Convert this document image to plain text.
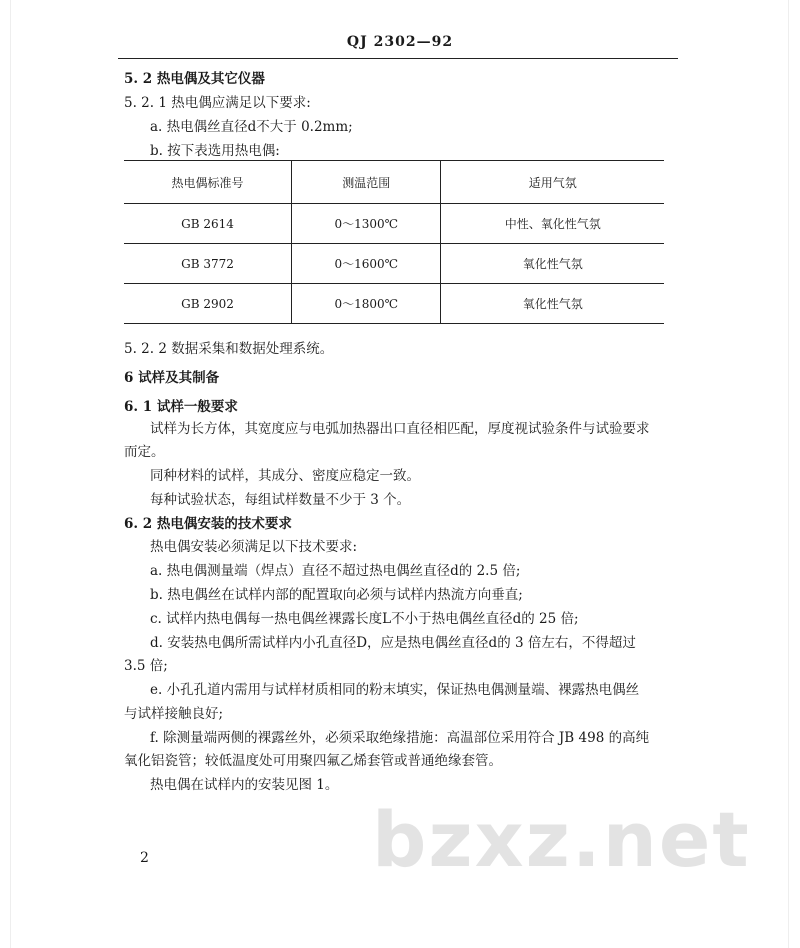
QJ 2302—92
5. 2 热电偶及其它仪器
5. 2. 1 热电偶应满足以下要求:
a. 热电偶丝直径d不大于 0.2mm;
b. 按下表选用热电偶:
热电偶标准号	测温范围	适用气氛
GB 2614	0～1300℃	中性、氧化性气氛
GB 3772	0～1600℃	氧化性气氛
GB 2902	0～1800℃	氧化性气氛
5. 2. 2 数据采集和数据处理系统。
6 试样及其制备
6. 1 试样一般要求
试样为长方体，其宽度应与电弧加热器出口直径相匹配，厚度视试验条件与试验要求
而定。
同种材料的试样，其成分、密度应稳定一致。
每种试验状态，每组试样数量不少于 3 个。
6. 2 热电偶安装的技术要求
热电偶安装必须满足以下技术要求:
a. 热电偶测量端（焊点）直径不超过热电偶丝直径d的 2.5 倍;
b. 热电偶丝在试样内部的配置取向必须与试样内热流方向垂直;
c. 试样内热电偶每一热电偶丝裸露长度L不小于热电偶丝直径d的 25 倍;
d. 安装热电偶所需试样内小孔直径D，应是热电偶丝直径d的 3 倍左右，不得超过
3.5 倍;
e. 小孔孔道内需用与试样材质相同的粉末填实，保证热电偶测量端、裸露热电偶丝
与试样接触良好;
f. 除测量端两侧的裸露丝外，必须采取绝缘措施：高温部位采用符合 JB 498 的高纯
氧化铝瓷管；较低温度处可用聚四氟乙烯套管或普通绝缘套管。
热电偶在试样内的安装见图 1。
bzxz.net
2
